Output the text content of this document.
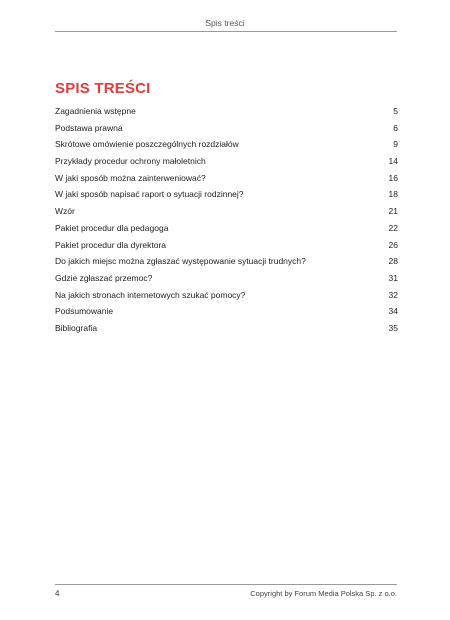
Spis treści
SPIS TREŚCI
Zagadnienia wstępne	5
Podstawa prawna	6
Skrótowe omówienie poszczególnych rozdziałów	9
Przykłady procedur ochrony małoletnich	14
W jaki sposób można zainterweniować?	16
W jaki sposób napisać raport o sytuacji rodzinnej?	18
Wzór	21
Pakiet procedur dla pedagoga	22
Pakiet procedur dla dyrektora	26
Do jakich miejsc można zgłaszać występowanie sytuacji trudnych?	28
Gdzie zgłaszać przemoc?	31
Na jakich stronach internetowych szukać pomocy?	32
Podsumowanie	34
Bibliografia	35
4	Copyright by Forum Media Polska Sp. z o.o.
